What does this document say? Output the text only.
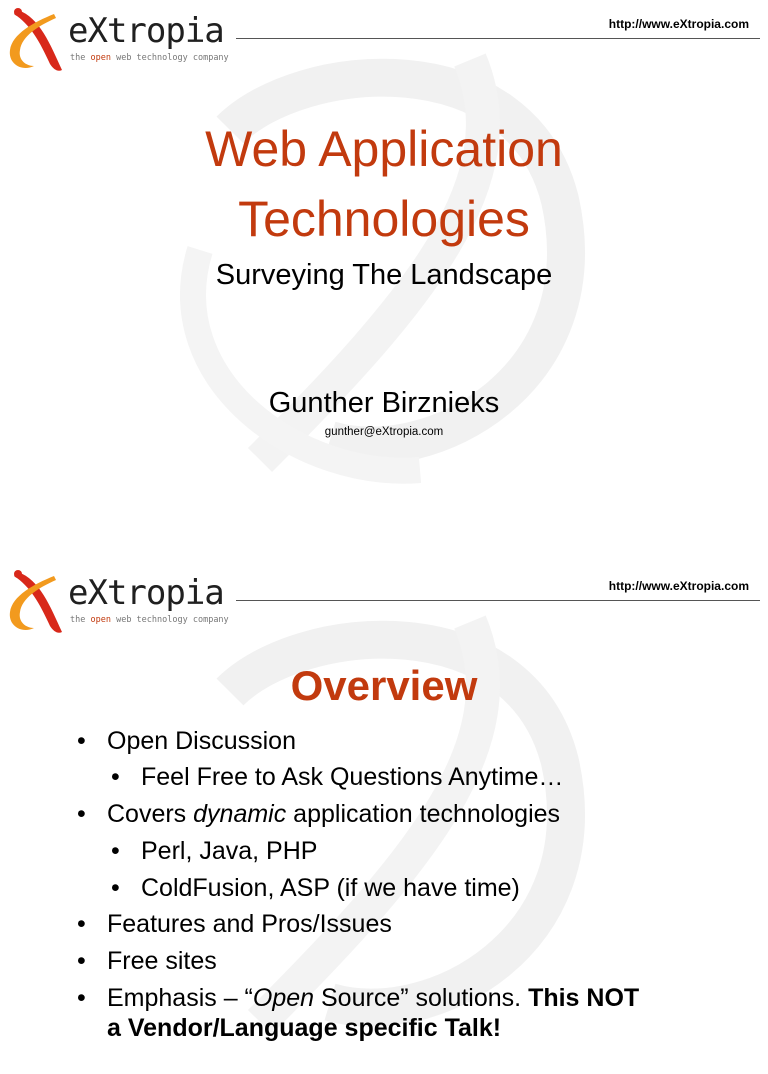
eXtropia
the open web technology company
http://www.eXtropia.com
Web Application
Technologies
Surveying The Landscape
Gunther Birznieks
gunther@eXtropia.com
eXtropia
the open web technology company
http://www.eXtropia.com
Overview
• Open Discussion
• Feel Free to Ask Questions Anytime…
• Covers dynamic application technologies
• Perl, Java, PHP
• ColdFusion, ASP (if we have time)
• Features and Pros/Issues
• Free sites
• Emphasis – “Open Source” solutions. This NOT
a Vendor/Language specific Talk!
